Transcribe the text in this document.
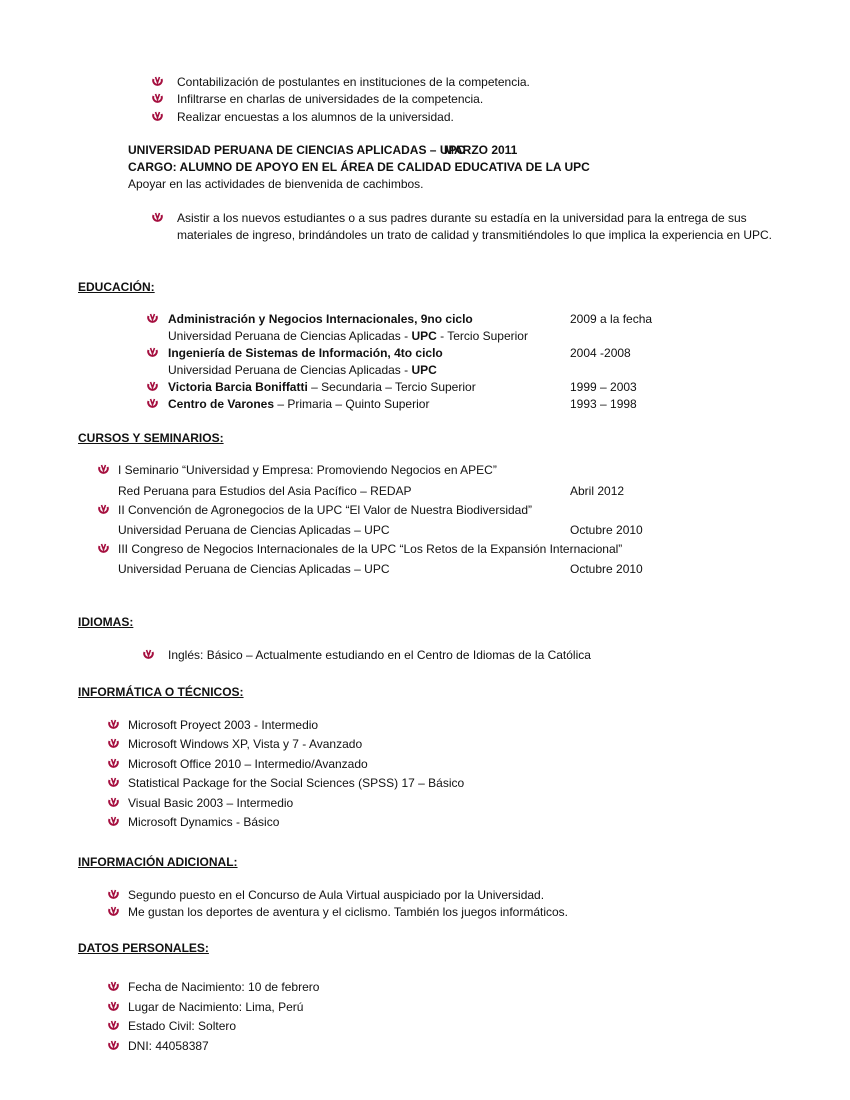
Contabilización de postulantes en instituciones de la competencia.
Infiltrarse en charlas de universidades de la competencia.
Realizar encuestas a los alumnos de la universidad.
UNIVERSIDAD PERUANA DE CIENCIAS APLICADAS – UPC
MARZO 2011
CARGO: ALUMNO DE APOYO EN EL ÁREA DE CALIDAD EDUCATIVA DE LA UPC
Apoyar en las actividades de bienvenida de cachimbos.
Asistir a los nuevos estudiantes o a sus padres durante su estadía en la universidad para la entrega de sus materiales de ingreso, brindándoles un trato de calidad y transmitiéndoles lo que implica la experiencia en UPC.
EDUCACIÓN:
Administración y Negocios Internacionales, 9no ciclo	2009 a la fecha
Universidad Peruana de Ciencias Aplicadas - UPC - Tercio Superior
Ingeniería de Sistemas de Información, 4to ciclo	2004 -2008
Universidad Peruana de Ciencias Aplicadas - UPC
Victoria Barcia Boniffatti – Secundaria – Tercio Superior	1999 – 2003
Centro de Varones – Primaria – Quinto Superior	1993 – 1998
CURSOS Y SEMINARIOS:
I Seminario “Universidad y Empresa: Promoviendo Negocios en APEC”
Red Peruana para Estudios del Asia Pacífico – REDAP	Abril 2012
II Convención de Agronegocios de la UPC “El Valor de Nuestra Biodiversidad”
Universidad Peruana de Ciencias Aplicadas – UPC	Octubre 2010
III Congreso de Negocios Internacionales de la UPC “Los Retos de la Expansión Internacional”
Universidad Peruana de Ciencias Aplicadas – UPC	Octubre 2010
IDIOMAS:
Inglés: Básico – Actualmente estudiando en el Centro de Idiomas de la Católica
INFORMÁTICA O TÉCNICOS:
Microsoft Proyect 2003 - Intermedio
Microsoft Windows XP, Vista y 7 - Avanzado
Microsoft Office 2010 – Intermedio/Avanzado
Statistical Package for the Social Sciences (SPSS) 17 – Básico
Visual Basic 2003 – Intermedio
Microsoft Dynamics - Básico
INFORMACIÓN ADICIONAL:
Segundo puesto en el Concurso de Aula Virtual auspiciado por la Universidad.
Me gustan los deportes de aventura y el ciclismo. También los juegos informáticos.
DATOS PERSONALES:
Fecha de Nacimiento: 10 de febrero
Lugar de Nacimiento: Lima, Perú
Estado Civil: Soltero
DNI: 44058387
